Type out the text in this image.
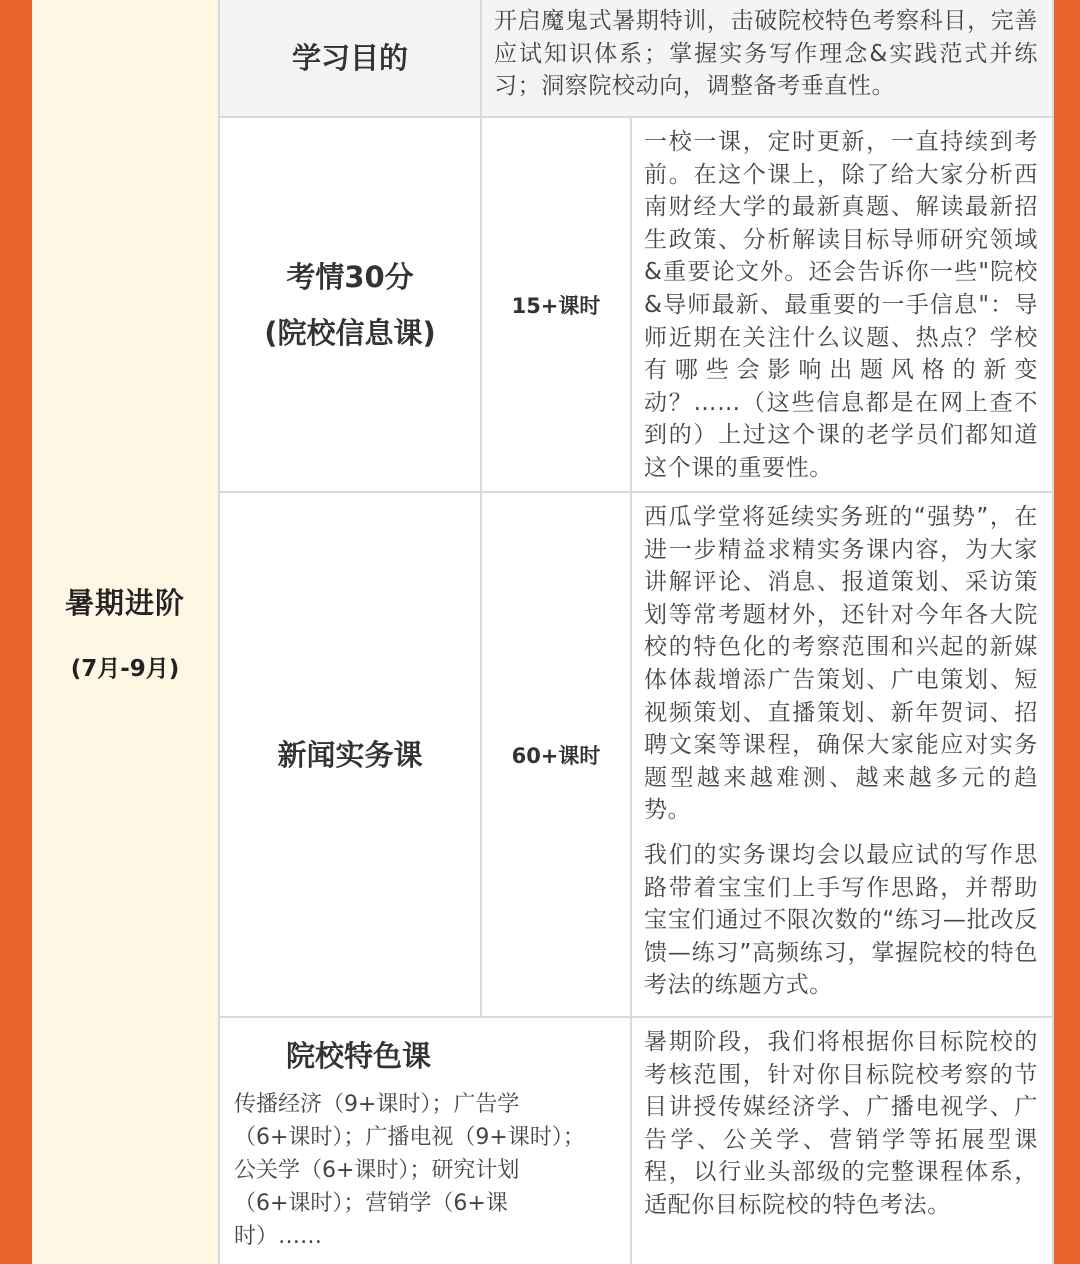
暑期进阶
(7月-9月)
学习目的
开启魔鬼式暑期特训，击破院校特色考察科目，完善应试知识体系；掌握实务写作理念&实践范式并练习；洞察院校动向，调整备考垂直性。
考情30分
(院校信息课)
15+课时

一校一课，定时更新，一直持续到考前。在这个课上，除了给大家分析西南财经大学的最新真题、解读最新招生政策、分析解读目标导师研究领域&重要论文外。还会告诉你一些"院校&导师最新、最重要的一手信息"：导师近期在关注什么议题、热点？学校有哪些会影响出题风格的新变动？……（这些信息都是在网上查不到的）上过这个课的老学员们都知道这个课的重要性。

新闻实务课	60+课时

西瓜学堂将延续实务班的“强势”，在进一步精益求精实务课内容，为大家讲解评论、消息、报道策划、采访策划等常考题材外，还针对今年各大院校的特色化的考察范围和兴起的新媒体体裁增添广告策划、广电策划、短视频策划、直播策划、新年贺词、招聘文案等课程，确保大家能应对实务题型越来越难测、越来越多元的趋势。

我们的实务课均会以最应试的写作思路带着宝宝们上手写作思路，并帮助宝宝们通过不限次数的“练习—批改反馈—练习”高频练习，掌握院校的特色考法的练题方式。

院校特色课
传播经济（9+课时）；广告学（6+课时）；广播电视（9+课时）；公关学（6+课时）；研究计划（6+课时）；营销学（6+课时）……

暑期阶段，我们将根据你目标院校的考核范围，针对你目标院校考察的节目讲授传媒经济学、广播电视学、广告学、公关学、营销学等拓展型课程，以行业头部级的完整课程体系，适配你目标院校的特色考法。
